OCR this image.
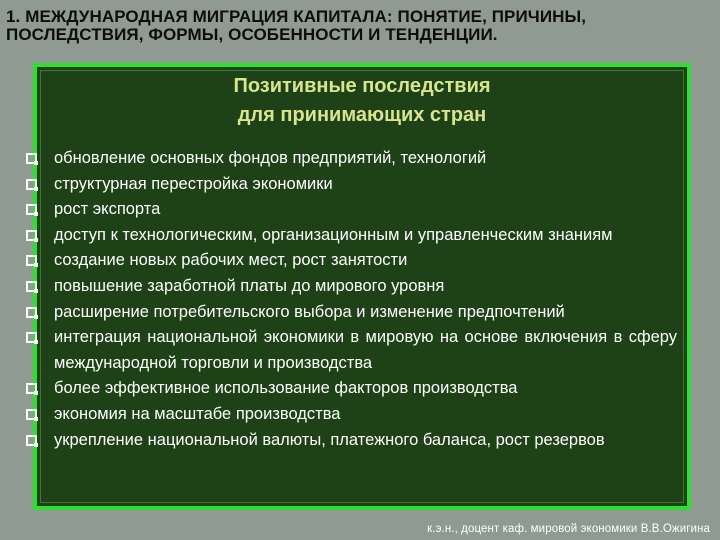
1. МЕЖДУНАРОДНАЯ МИГРАЦИЯ КАПИТАЛА: ПОНЯТИЕ, ПРИЧИНЫ, ПОСЛЕДСТВИЯ, ФОРМЫ, ОСОБЕННОСТИ И ТЕНДЕНЦИИ.
Позитивные последствия
для принимающих стран
обновление основных фондов предприятий, технологий
структурная перестройка экономики
рост экспорта
доступ к технологическим, организационным и управленческим знаниям
создание новых рабочих мест, рост занятости
повышение заработной платы до мирового уровня
расширение потребительского выбора и изменение предпочтений
интеграция национальной экономики в мировую на основе включения в сферу международной торговли и производства
более эффективное использование факторов производства
экономия на масштабе производства
укрепление национальной валюты, платежного баланса, рост резервов
к.э.н., доцент каф. мировой экономики В.В.Ожигина
